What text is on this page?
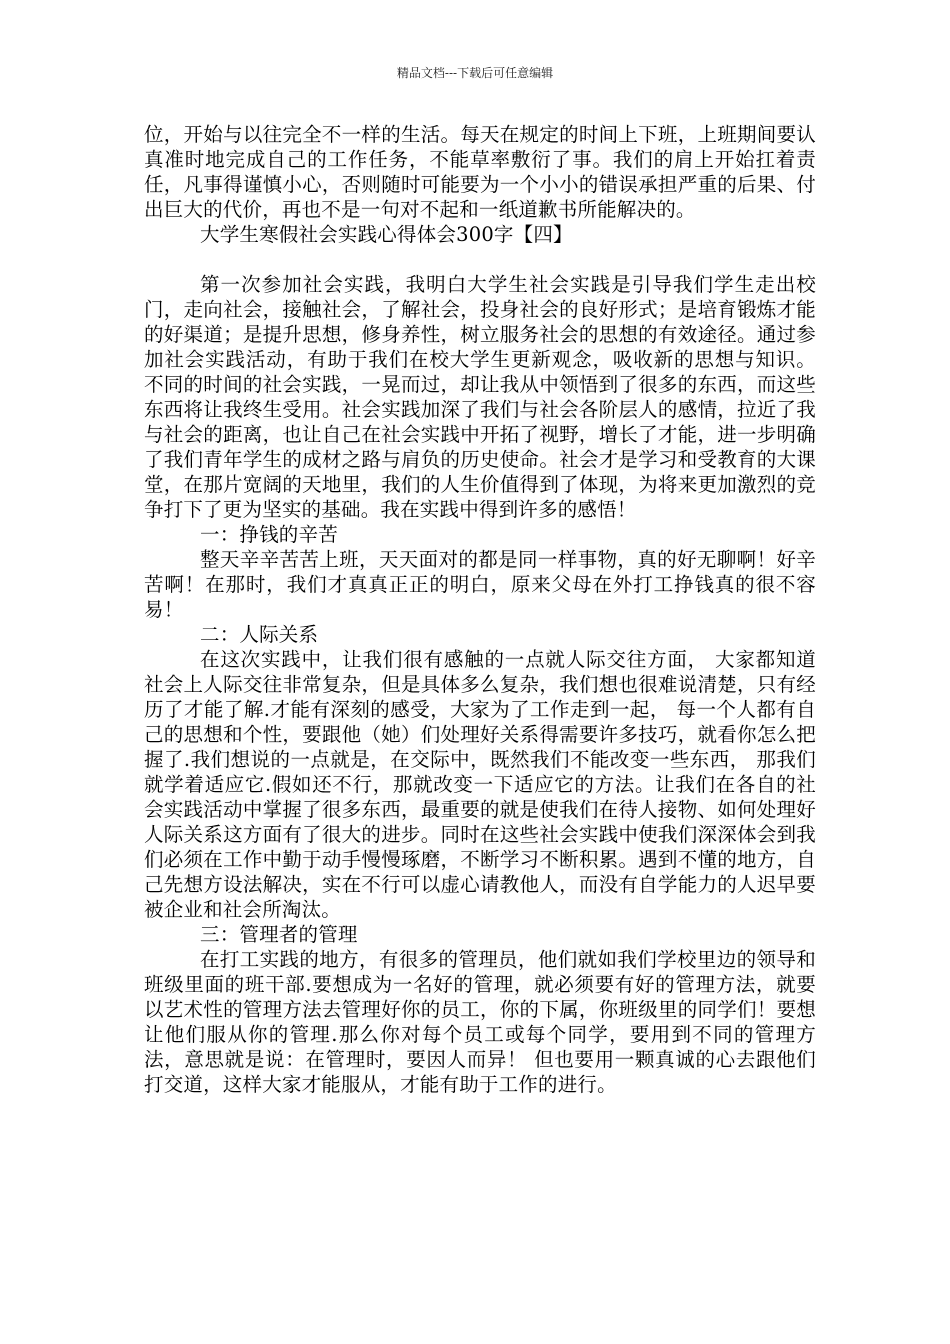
精品文档---下载后可任意编辑

位，开始与以往完全不一样的生活。每天在规定的时间上下班，上班期间要认真准时地完成自己的工作任务，不能草率敷衍了事。我们的肩上开始扛着责任，凡事得谨慎小心，否则随时可能要为一个小小的错误承担严重的后果、付出巨大的代价，再也不是一句对不起和一纸道歉书所能解决的。

大学生寒假社会实践心得体会300字【四】

第一次参加社会实践，我明白大学生社会实践是引导我们学生走出校门，走向社会，接触社会，了解社会，投身社会的良好形式；是培育锻炼才能的好渠道；是提升思想，修身养性，树立服务社会的思想的有效途径。通过参加社会实践活动，有助于我们在校大学生更新观念，吸收新的思想与知识。 不同的时间的社会实践，一晃而过，却让我从中领悟到了很多的东西，而这些东西将让我终生受用。社会实践加深了我们与社会各阶层人的感情，拉近了我与社会的距离，也让自己在社会实践中开拓了视野，增长了才能，进一步明确了我们青年学生的成材之路与肩负的历史使命。社会才是学习和受教育的大课堂，在那片宽阔的天地里，我们的人生价值得到了体现，为将来更加激烈的竞争打下了更为坚实的基础。我在实践中得到许多的感悟！

一：挣钱的辛苦

整天辛辛苦苦上班，天天面对的都是同一样事物，真的好无聊啊！好辛苦啊！在那时，我们才真真正正的明白，原来父母在外打工挣钱真的很不容易！

二：人际关系

在这次实践中，让我们很有感触的一点就人际交往方面， 大家都知道社会上人际交往非常复杂，但是具体多么复杂，我们想也很难说清楚，只有经历了才能了解.才能有深刻的感受，大家为了工作走到一起， 每一个人都有自己的思想和个性，要跟他（她）们处理好关系得需要许多技巧，就看你怎么把握了.我们想说的一点就是，在交际中，既然我们不能改变一些东西， 那我们就学着适应它.假如还不行，那就改变一下适应它的方法。让我们在各自的社会实践活动中掌握了很多东西，最重要的就是使我们在待人接物、如何处理好人际关系这方面有了很大的进步。同时在这些社会实践中使我们深深体会到我们必须在工作中勤于动手慢慢琢磨，不断学习不断积累。遇到不懂的地方，自己先想方设法解决，实在不行可以虚心请教他人，而没有自学能力的人迟早要被企业和社会所淘汰。

三：管理者的管理

在打工实践的地方，有很多的管理员，他们就如我们学校里边的领导和班级里面的班干部.要想成为一名好的管理，就必须要有好的管理方法，就要以艺术性的管理方法去管理好你的员工，你的下属，你班级里的同学们！要想让他们服从你的管理.那么你对每个员工或每个同学，要用到不同的管理方法，意思就是说：在管理时，要因人而异！ 但也要用一颗真诚的心去跟他们打交道，这样大家才能服从，才能有助于工作的进行。
